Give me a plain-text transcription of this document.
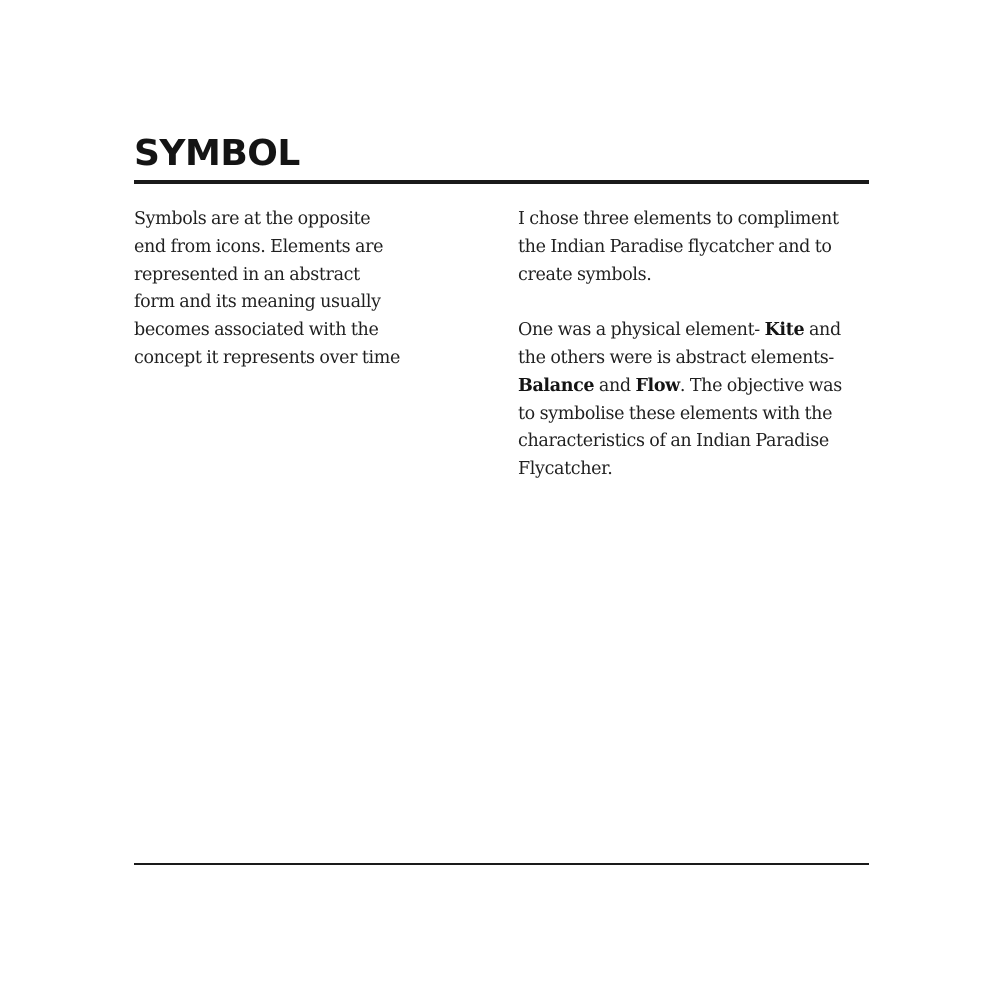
SYMBOL

Symbols are at the opposite
end from icons. Elements are
represented in an abstract
form and its meaning usually
becomes associated with the
concept it represents over time

I chose three elements to compliment
the Indian Paradise flycatcher and to
create symbols.

One was a physical element- Kite and
the others were is abstract elements-
Balance and Flow. The objective was
to symbolise these elements with the
characteristics of an Indian Paradise
Flycatcher.
